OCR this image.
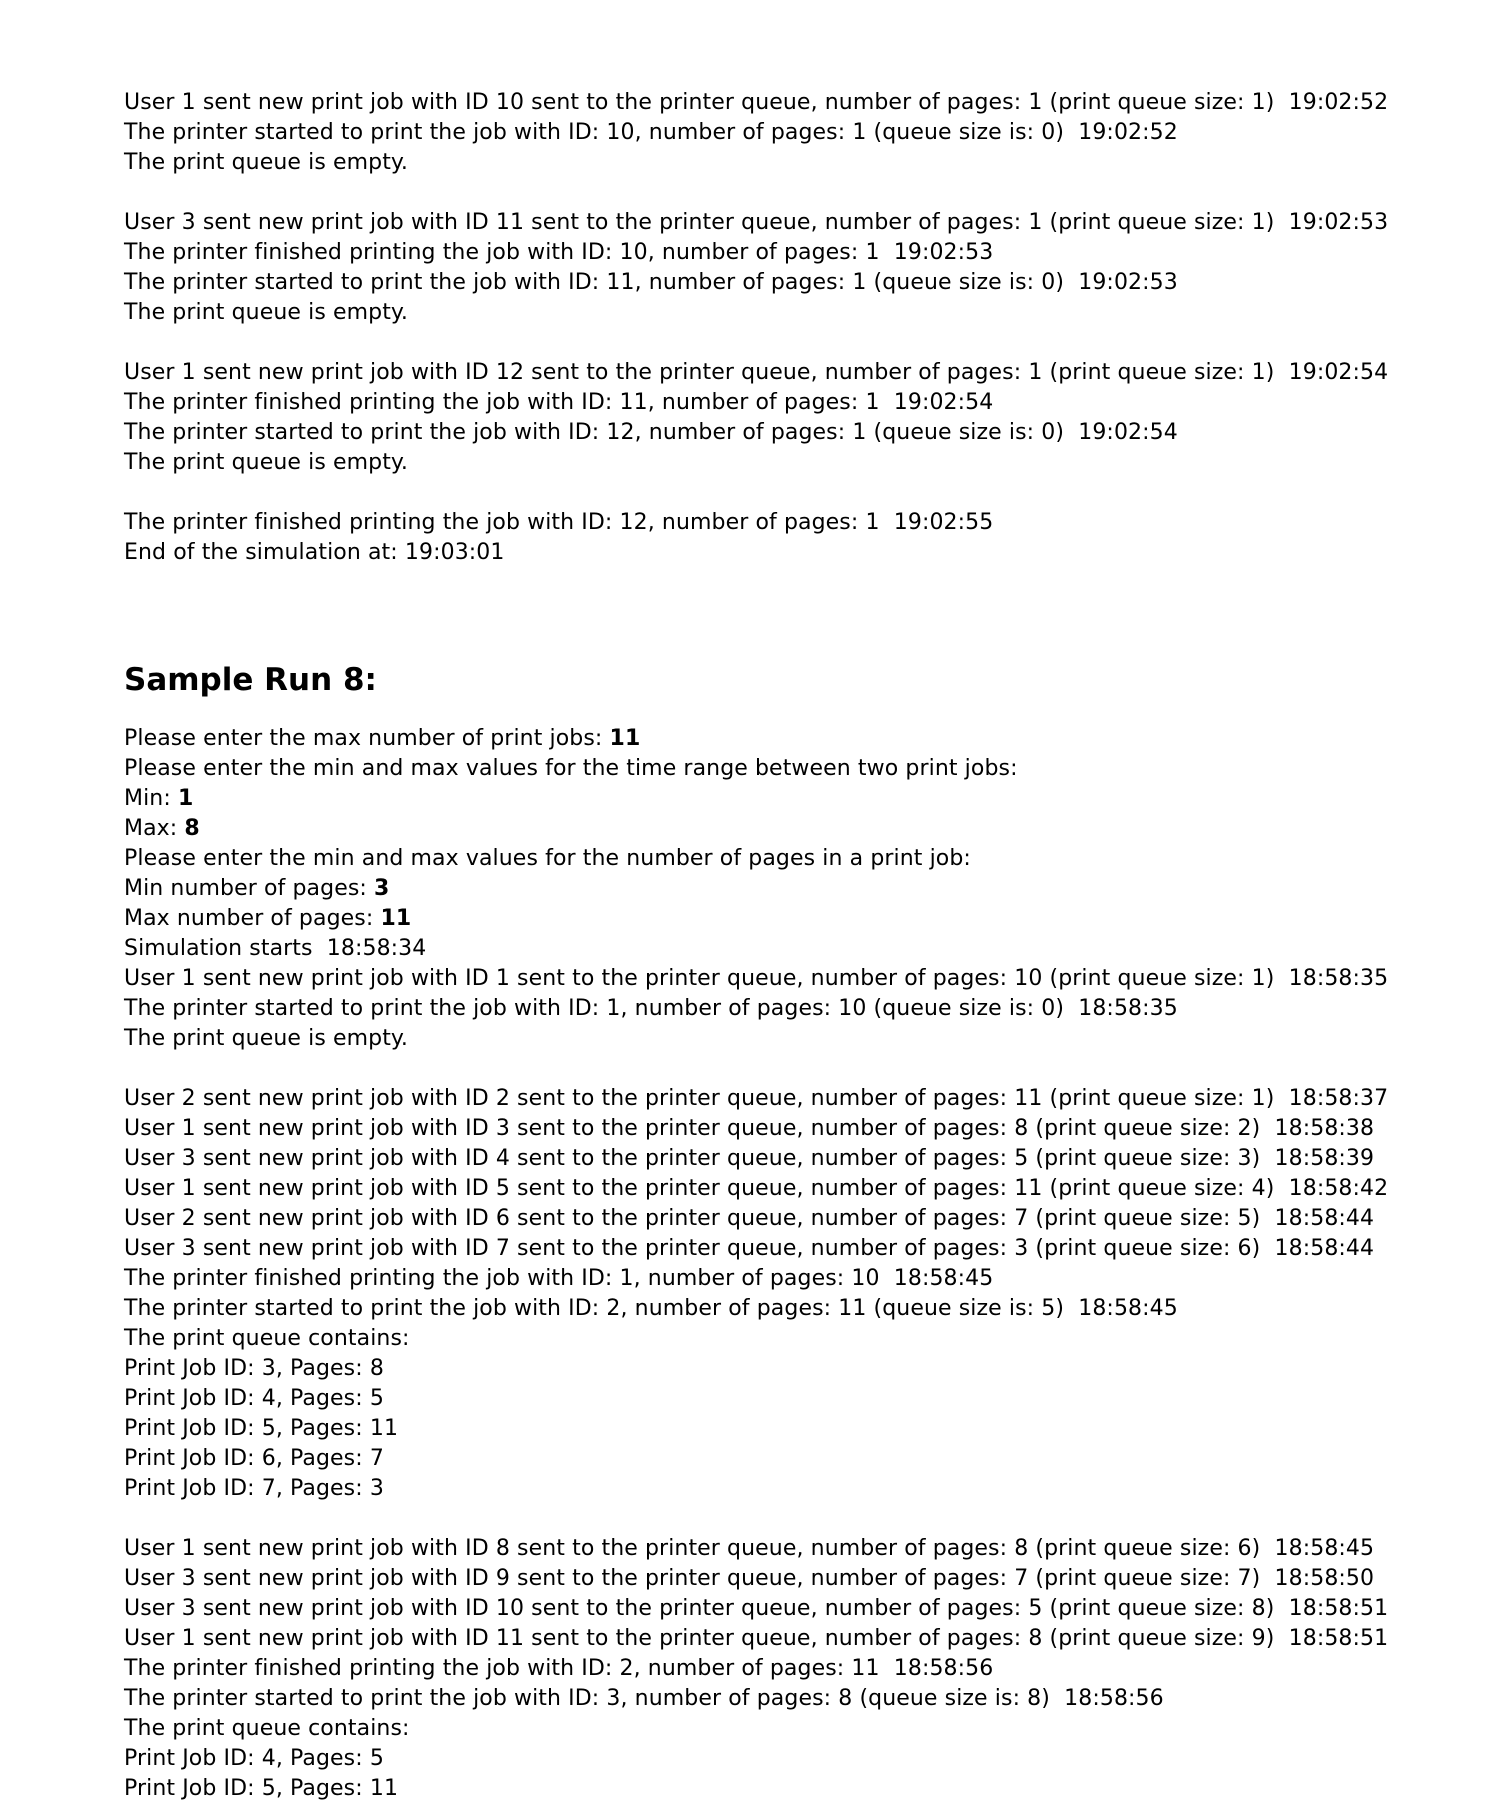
User 1 sent new print job with ID 10 sent to the printer queue, number of pages: 1 (print queue size: 1)  19:02:52
The printer started to print the job with ID: 10, number of pages: 1 (queue size is: 0)  19:02:52
The print queue is empty.
User 3 sent new print job with ID 11 sent to the printer queue, number of pages: 1 (print queue size: 1)  19:02:53
The printer finished printing the job with ID: 10, number of pages: 1  19:02:53
The printer started to print the job with ID: 11, number of pages: 1 (queue size is: 0)  19:02:53
The print queue is empty.
User 1 sent new print job with ID 12 sent to the printer queue, number of pages: 1 (print queue size: 1)  19:02:54
The printer finished printing the job with ID: 11, number of pages: 1  19:02:54
The printer started to print the job with ID: 12, number of pages: 1 (queue size is: 0)  19:02:54
The print queue is empty.
The printer finished printing the job with ID: 12, number of pages: 1  19:02:55
End of the simulation at: 19:03:01
Sample Run 8:
Please enter the max number of print jobs: 11
Please enter the min and max values for the time range between two print jobs:
Min: 1
Max: 8
Please enter the min and max values for the number of pages in a print job:
Min number of pages: 3
Max number of pages: 11
Simulation starts  18:58:34
User 1 sent new print job with ID 1 sent to the printer queue, number of pages: 10 (print queue size: 1)  18:58:35
The printer started to print the job with ID: 1, number of pages: 10 (queue size is: 0)  18:58:35
The print queue is empty.
User 2 sent new print job with ID 2 sent to the printer queue, number of pages: 11 (print queue size: 1)  18:58:37
User 1 sent new print job with ID 3 sent to the printer queue, number of pages: 8 (print queue size: 2)  18:58:38
User 3 sent new print job with ID 4 sent to the printer queue, number of pages: 5 (print queue size: 3)  18:58:39
User 1 sent new print job with ID 5 sent to the printer queue, number of pages: 11 (print queue size: 4)  18:58:42
User 2 sent new print job with ID 6 sent to the printer queue, number of pages: 7 (print queue size: 5)  18:58:44
User 3 sent new print job with ID 7 sent to the printer queue, number of pages: 3 (print queue size: 6)  18:58:44
The printer finished printing the job with ID: 1, number of pages: 10  18:58:45
The printer started to print the job with ID: 2, number of pages: 11 (queue size is: 5)  18:58:45
The print queue contains:
Print Job ID: 3, Pages: 8
Print Job ID: 4, Pages: 5
Print Job ID: 5, Pages: 11
Print Job ID: 6, Pages: 7
Print Job ID: 7, Pages: 3
User 1 sent new print job with ID 8 sent to the printer queue, number of pages: 8 (print queue size: 6)  18:58:45
User 3 sent new print job with ID 9 sent to the printer queue, number of pages: 7 (print queue size: 7)  18:58:50
User 3 sent new print job with ID 10 sent to the printer queue, number of pages: 5 (print queue size: 8)  18:58:51
User 1 sent new print job with ID 11 sent to the printer queue, number of pages: 8 (print queue size: 9)  18:58:51
The printer finished printing the job with ID: 2, number of pages: 11  18:58:56
The printer started to print the job with ID: 3, number of pages: 8 (queue size is: 8)  18:58:56
The print queue contains:
Print Job ID: 4, Pages: 5
Print Job ID: 5, Pages: 11
